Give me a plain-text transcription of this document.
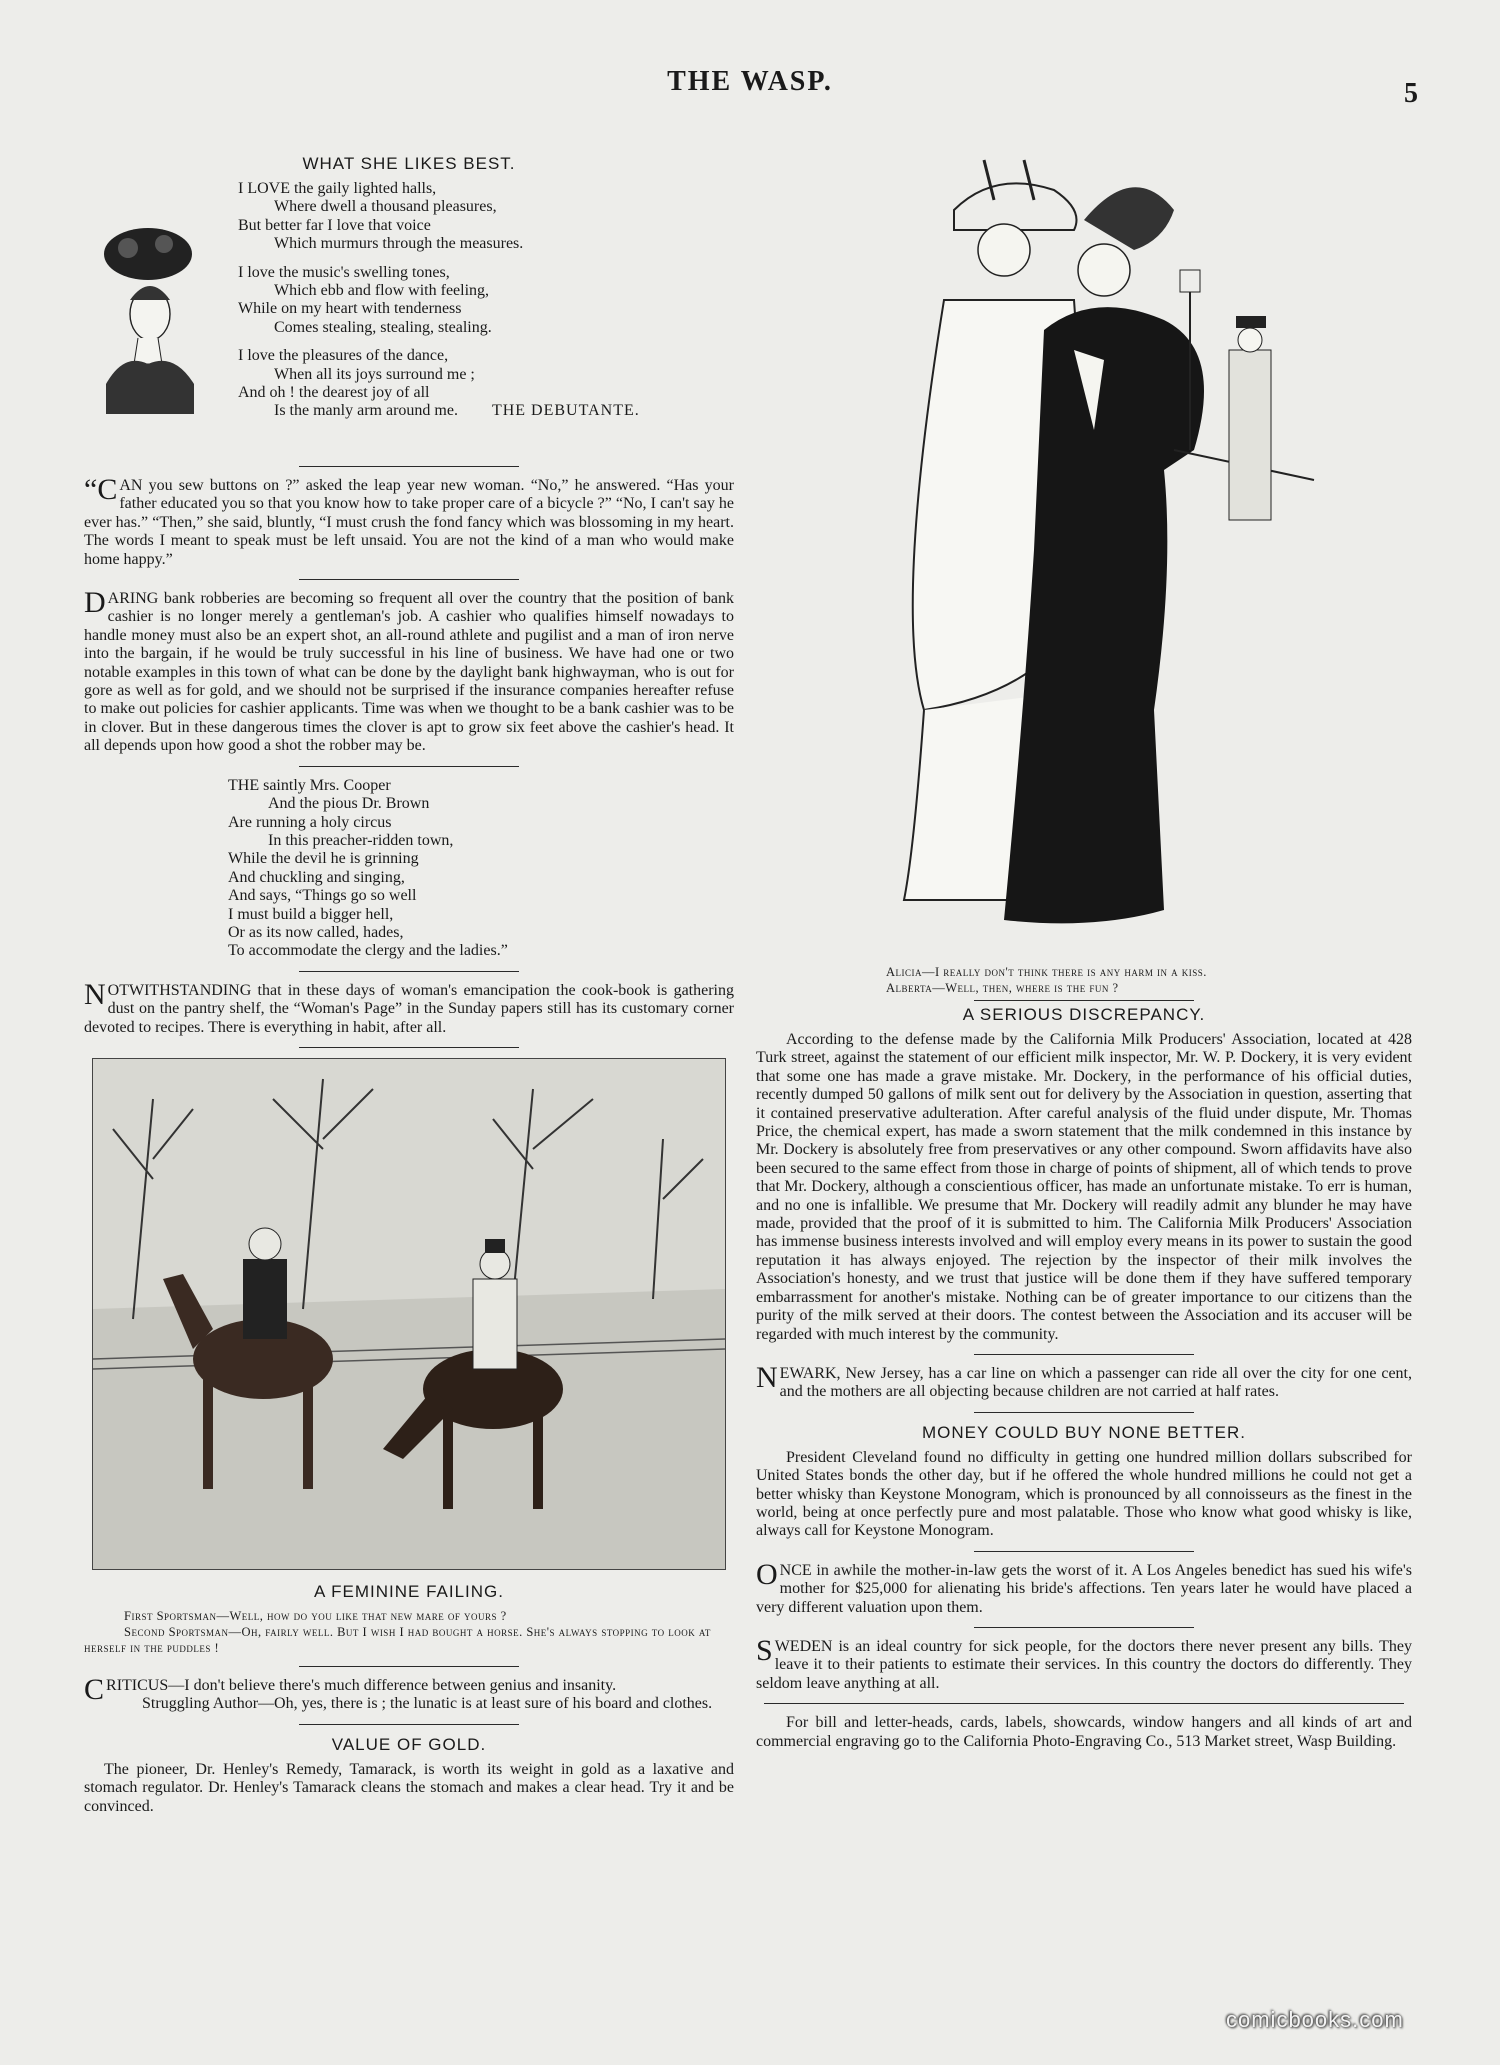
THE WASP.	5
WHAT SHE LIKES BEST.
I LOVE the gaily lighted halls,
Where dwell a thousand pleasures,
But better far I love that voice
Which murmurs through the measures.
I love the music's swelling tones,
Which ebb and flow with feeling,
While on my heart with tenderness
Comes stealing, stealing, stealing.
I love the pleasures of the dance,
When all its joys surround me ;
And oh ! the dearest joy of all
Is the manly arm around me. THE DEBUTANTE.

“CAN you sew buttons on ?” asked the leap year new woman. “No,” he answered. “Has your father educated you so that you know how to take proper care of a bicycle ?” “No, I can't say he ever has.” “Then,” she said, bluntly, “I must crush the fond fancy which was blossoming in my heart. The words I meant to speak must be left unsaid. You are not the kind of a man who would make home happy.”

DARING bank robberies are becoming so frequent all over the country that the position of bank cashier is no longer merely a gentleman's job. A cashier who qualifies himself nowadays to handle money must also be an expert shot, an all-round athlete and pugilist and a man of iron nerve into the bargain, if he would be truly successful in his line of business. We have had one or two notable examples in this town of what can be done by the daylight bank highwayman, who is out for gore as well as for gold, and we should not be surprised if the insurance companies hereafter refuse to make out policies for cashier applicants. Time was when we thought to be a bank cashier was to be in clover. But in these dangerous times the clover is apt to grow six feet above the cashier's head. It all depends upon how good a shot the robber may be.

THE saintly Mrs. Cooper
And the pious Dr. Brown
Are running a holy circus
In this preacher-ridden town,
While the devil he is grinning
And chuckling and singing,
And says, “Things go so well
I must build a bigger hell,
Or as its now called, hades,
To accommodate the clergy and the ladies.”

NOTWITHSTANDING that in these days of woman's emancipation the cook-book is gathering dust on the pantry shelf, the “Woman's Page” in the Sunday papers still has its customary corner devoted to recipes. There is everything in habit, after all.

A FEMININE FAILING.
First Sportsman—Well, how do you like that new mare of yours ?
Second Sportsman—Oh, fairly well. But I wish I had bought a horse. She's always stopping to look at herself in the puddles !

CRITICUS—I don't believe there's much difference between genius and insanity.

Struggling Author—Oh, yes, there is ; the lunatic is at least sure of his board and clothes.

VALUE OF GOLD.

The pioneer, Dr. Henley's Remedy, Tamarack, is worth its weight in gold as a laxative and stomach regulator. Dr. Henley's Tamarack cleans the stomach and makes a clear head. Try it and be convinced.

Alicia—I really don't think there is any harm in a kiss.
Alberta—Well, then, where is the fun ?
A SERIOUS DISCREPANCY.

According to the defense made by the California Milk Producers' Association, located at 428 Turk street, against the statement of our efficient milk inspector, Mr. W. P. Dockery, it is very evident that some one has made a grave mistake. Mr. Dockery, in the performance of his official duties, recently dumped 50 gallons of milk sent out for delivery by the Association in question, asserting that it contained preservative adulteration. After careful analysis of the fluid under dispute, Mr. Thomas Price, the chemical expert, has made a sworn statement that the milk condemned in this instance by Mr. Dockery is absolutely free from preservatives or any other compound. Sworn affidavits have also been secured to the same effect from those in charge of points of shipment, all of which tends to prove that Mr. Dockery, although a conscientious officer, has made an unfortunate mistake. To err is human, and no one is infallible. We presume that Mr. Dockery will readily admit any blunder he may have made, provided that the proof of it is submitted to him. The California Milk Producers' Association has immense business interests involved and will employ every means in its power to sustain the good reputation it has always enjoyed. The rejection by the inspector of their milk involves the Association's honesty, and we trust that justice will be done them if they have suffered temporary embarrassment for another's mistake. Nothing can be of greater importance to our citizens than the purity of the milk served at their doors. The contest between the Association and its accuser will be regarded with much interest by the community.

NEWARK, New Jersey, has a car line on which a passenger can ride all over the city for one cent, and the mothers are all objecting because children are not carried at half rates.

MONEY COULD BUY NONE BETTER.

President Cleveland found no difficulty in getting one hundred million dollars subscribed for United States bonds the other day, but if he offered the whole hundred millions he could not get a better whisky than Keystone Monogram, which is pronounced by all connoisseurs as the finest in the world, being at once perfectly pure and most palatable. Those who know what good whisky is like, always call for Keystone Monogram.

ONCE in awhile the mother-in-law gets the worst of it. A Los Angeles benedict has sued his wife's mother for $25,000 for alienating his bride's affections. Ten years later he would have placed a very different valuation upon them.

SWEDEN is an ideal country for sick people, for the doctors there never present any bills. They leave it to their patients to estimate their services. In this country the doctors do differently. They seldom leave anything at all.

For bill and letter-heads, cards, labels, showcards, window hangers and all kinds of art and commercial engraving go to the California Photo-Engraving Co., 513 Market street, Wasp Building.

comicbooks.com
